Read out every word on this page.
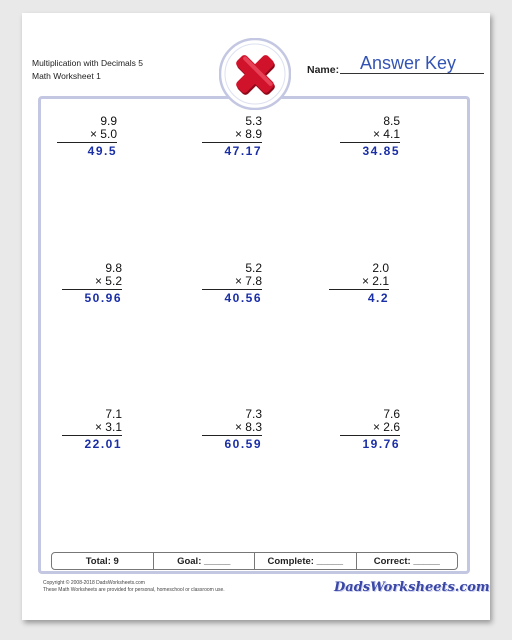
Multiplication with Decimals 5
Math Worksheet 1	Name:	Answer Key
9.9
× 5.0
49.5
5.3
× 8.9
47.17
8.5
× 4.1
34.85
9.8
× 5.2
50.96
5.2
× 7.8
40.56
2.0
× 2.1
4.2
7.1
× 3.1
22.01
7.3
× 8.3
60.59
7.6
× 2.6
19.76
Total: 9	Goal: _____	Complete: _____	Correct: _____
Copyright © 2008-2018 DadsWorksheets.com
These Math Worksheets are provided for personal, homeschool or classroom use.	DadsWorksheets.com
